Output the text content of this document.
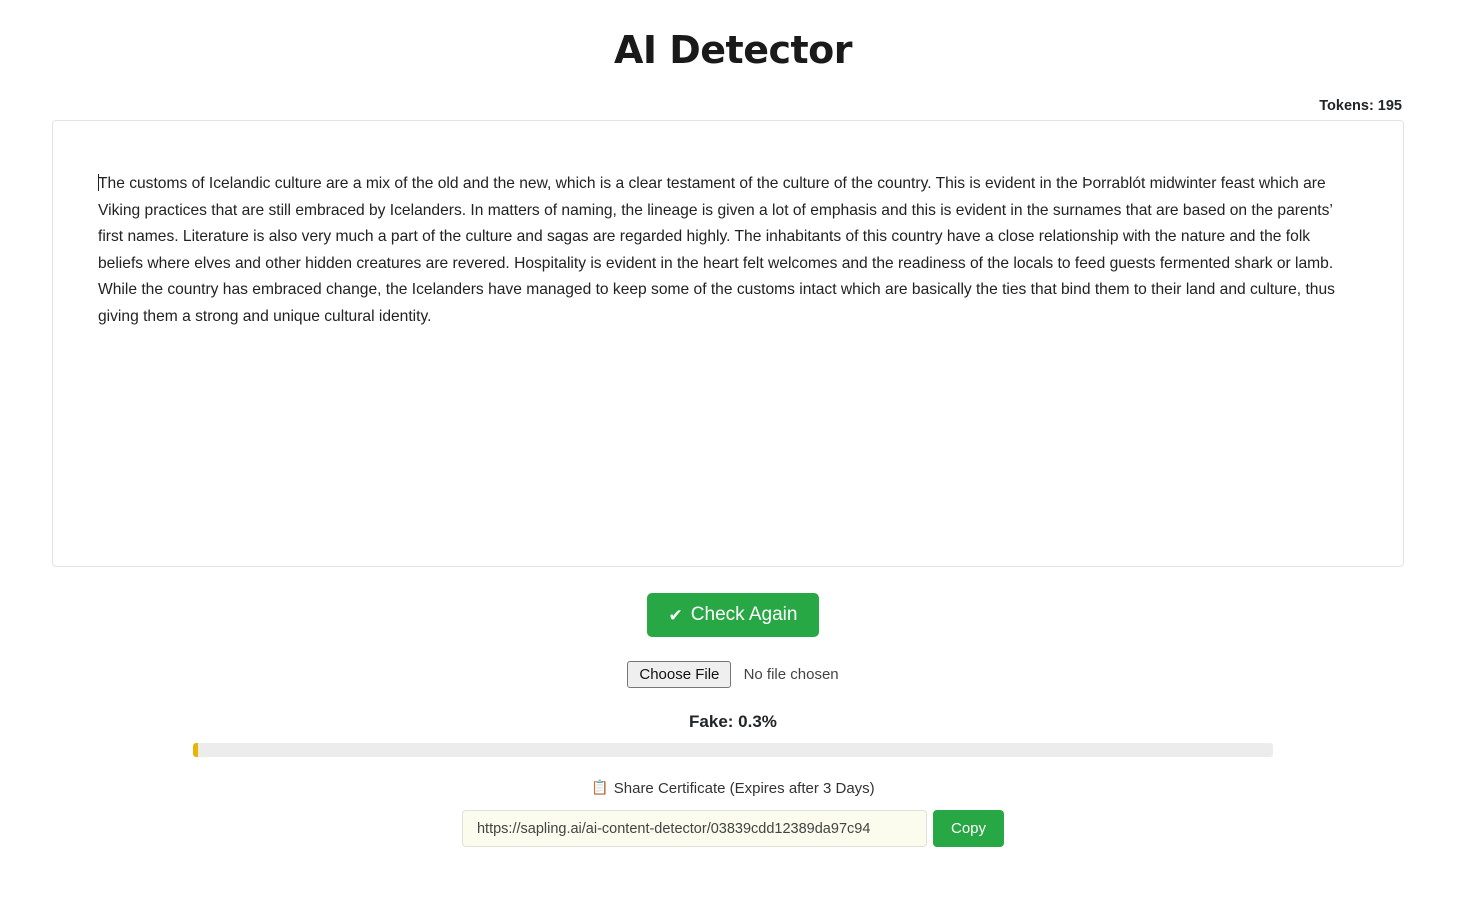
AI Detector
Tokens: 195
The customs of Icelandic culture are a mix of the old and the new, which is a clear testament of the culture of the country. This is evident in the Þorrablót midwinter feast which are Viking practices that are still embraced by Icelanders. In matters of naming, the lineage is given a lot of emphasis and this is evident in the surnames that are based on the parents’ first names. Literature is also very much a part of the culture and sagas are regarded highly. The inhabitants of this country have a close relationship with the nature and the folk beliefs where elves and other hidden creatures are revered. Hospitality is evident in the heart felt welcomes and the readiness of the locals to feed guests fermented shark or lamb. While the country has embraced change, the Icelanders have managed to keep some of the customs intact which are basically the ties that bind them to their land and culture, thus giving them a strong and unique cultural identity.
✔ Check Again
Choose File No file chosen
Fake: 0.3%
📋 Share Certificate (Expires after 3 Days)
https://sapling.ai/ai-content-detector/03839cdd12389da97c94
Copy
